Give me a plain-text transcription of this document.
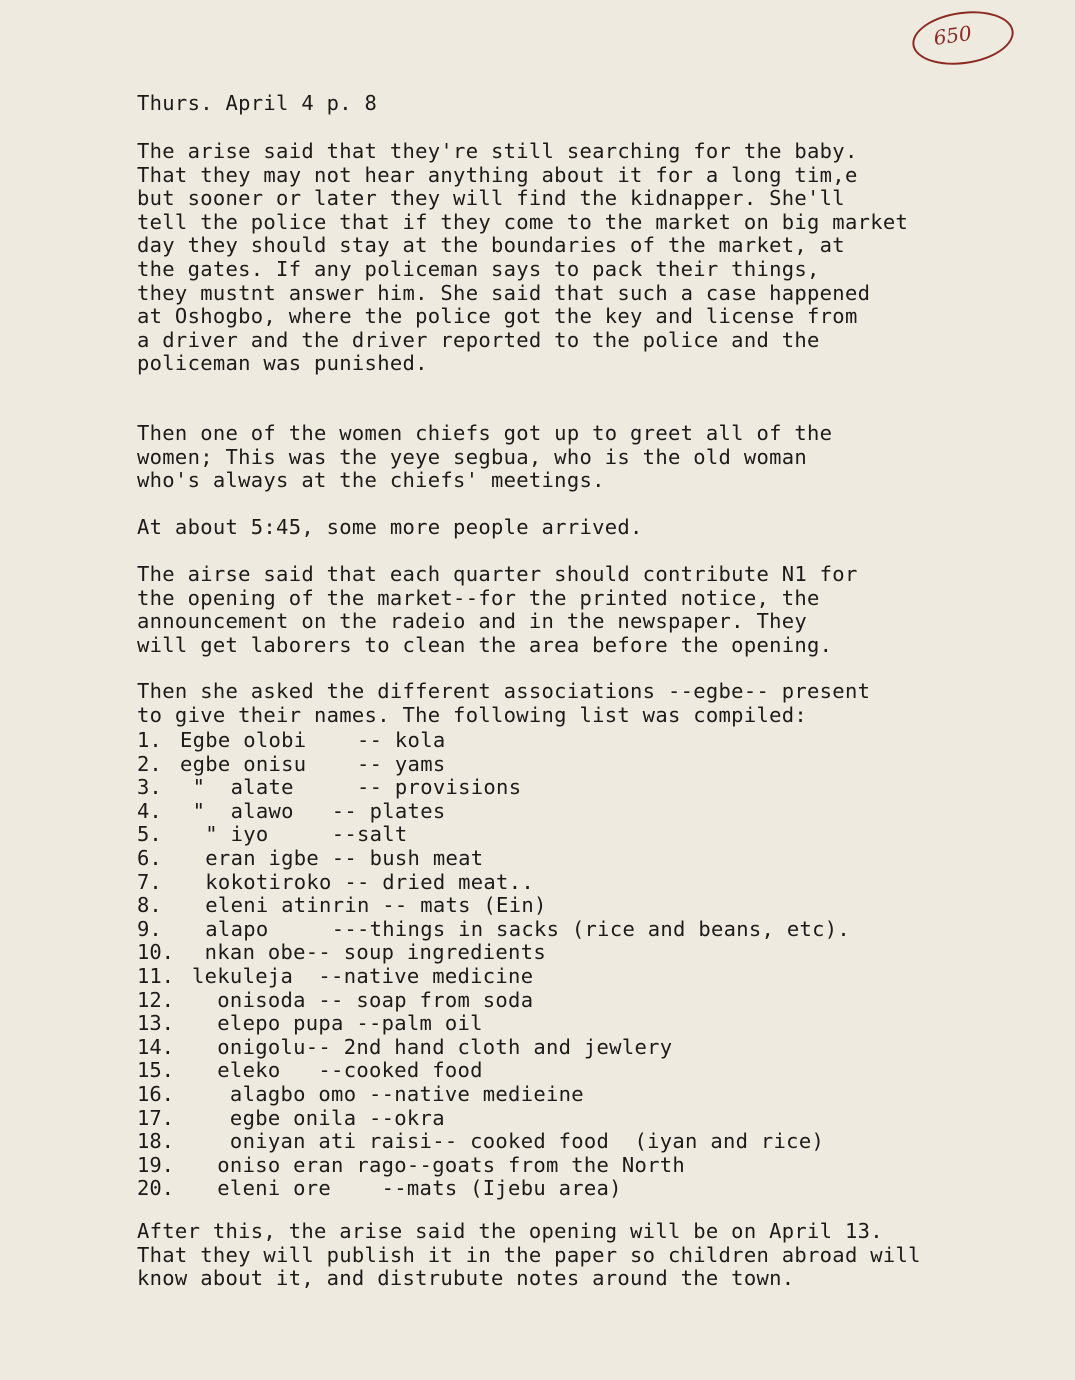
650
Thurs. April 4 p. 8
The arise said that they're still searching for the baby.
That they may not hear anything about it for a long tim,e
but sooner or later they will find the kidnapper. She'll
tell the police that if they come to the market on big market
day they should stay at the boundaries of the market, at
the gates. If any policeman says to pack their things,
they mustnt answer him. She said that such a case happened
at Oshogbo, where the police got the key and license from
a driver and the driver reported to the police and the
policeman was punished.
Then one of the women chiefs got up to greet all of the
women; This was the yeye segbua, who is the old woman
who's always at the chiefs' meetings.
At about 5:45, some more people arrived.
The airse said that each quarter should contribute N1 for
the opening of the market--for the printed notice, the
announcement on the radeio and in the newspaper. They
will get laborers to clean the area before the opening.
Then she asked the different associations --egbe-- present
to give their names. The following list was compiled:
1. Egbe olobi    -- kola
2. egbe onisu    -- yams
3. "  alate     -- provisions
4. "  alawo   -- plates
5. " iyo     --salt
6. eran igbe -- bush meat
7. kokotiroko -- dried meat..
8. eleni atinrin -- mats (Ein)
9. alapo     ---things in sacks (rice and beans, etc).
10. nkan obe-- soup ingredients
11. lekuleja  --native medicine
12. onisoda -- soap from soda
13. elepo pupa --palm oil
14. onigolu-- 2nd hand cloth and jewlery
15. eleko   --cooked food
16. alagbo omo --native medieine
17. egbe onila --okra
18. oniyan ati raisi-- cooked food  (iyan and rice)
19. oniso eran rago--goats from the North
20. eleni ore    --mats (Ijebu area)
After this, the arise said the opening will be on April 13.
That they will publish it in the paper so children abroad will
know about it, and distrubute notes around the town.
